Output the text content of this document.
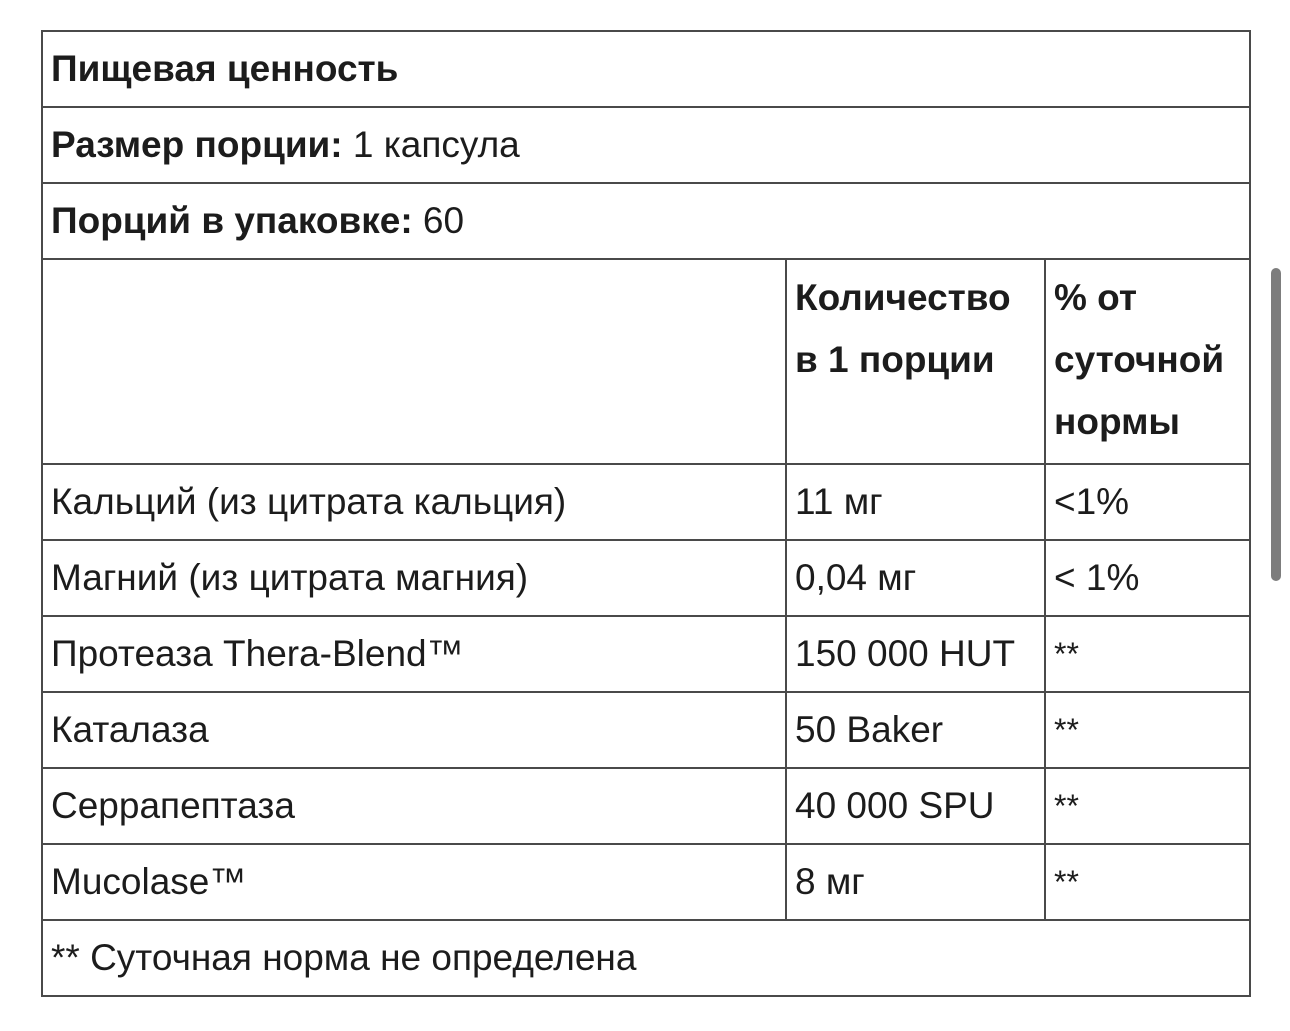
Пищевая ценность		
Размер порции: 1 капсула		
Порций в упаковке: 60		
	Количество в 1 порции	% от суточной нормы
Кальций (из цитрата кальция)	11 мг	<1%
Магний (из цитрата магния)	0,04 мг	< 1%
Протеаза Thera-Blend™	150 000 HUT	**
Каталаза	50 Baker	**
Серрапептаза	40 000 SPU	**
Mucolase™	8 мг	**
** Суточная норма не определена		
